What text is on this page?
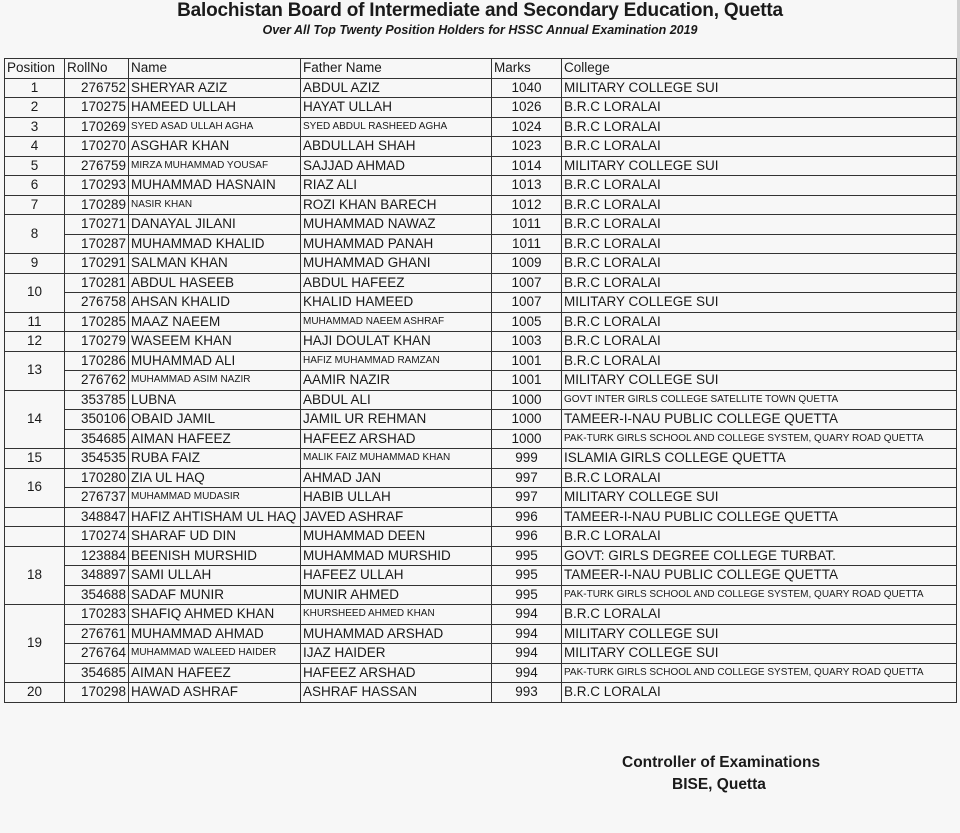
Balochistan Board of Intermediate and Secondary Education, Quetta
Over All Top Twenty Position Holders for HSSC Annual Examination 2019
Position	RollNo	Name	Father Name	Marks	College
1	276752	SHERYAR AZIZ	ABDUL AZIZ	1040	MILITARY COLLEGE SUI
2	170275	HAMEED ULLAH	HAYAT ULLAH	1026	B.R.C LORALAI
3	170269	SYED ASAD ULLAH AGHA	SYED ABDUL RASHEED AGHA	1024	B.R.C LORALAI
4	170270	ASGHAR KHAN	ABDULLAH SHAH	1023	B.R.C LORALAI
5	276759	MIRZA MUHAMMAD YOUSAF	SAJJAD AHMAD	1014	MILITARY COLLEGE SUI
6	170293	MUHAMMAD HASNAIN	RIAZ ALI	1013	B.R.C LORALAI
7	170289	NASIR KHAN	ROZI KHAN BARECH	1012	B.R.C LORALAI
8	170271	DANAYAL JILANI	MUHAMMAD NAWAZ	1011	B.R.C LORALAI
	170287	MUHAMMAD KHALID	MUHAMMAD PANAH	1011	B.R.C LORALAI
9	170291	SALMAN KHAN	MUHAMMAD GHANI	1009	B.R.C LORALAI
10	170281	ABDUL HASEEB	ABDUL HAFEEZ	1007	B.R.C LORALAI
	276758	AHSAN KHALID	KHALID HAMEED	1007	MILITARY COLLEGE SUI
11	170285	MAAZ NAEEM	MUHAMMAD NAEEM ASHRAF	1005	B.R.C LORALAI
12	170279	WASEEM KHAN	HAJI DOULAT KHAN	1003	B.R.C LORALAI
13	170286	MUHAMMAD ALI	HAFIZ MUHAMMAD RAMZAN	1001	B.R.C LORALAI
	276762	MUHAMMAD ASIM NAZIR	AAMIR NAZIR	1001	MILITARY COLLEGE SUI
14	353785	LUBNA	ABDUL ALI	1000	GOVT INTER GIRLS COLLEGE SATELLITE TOWN QUETTA
	350106	OBAID JAMIL	JAMIL UR REHMAN	1000	TAMEER-I-NAU PUBLIC COLLEGE QUETTA
	354685	AIMAN HAFEEZ	HAFEEZ ARSHAD	1000	PAK-TURK GIRLS SCHOOL AND COLLEGE SYSTEM, QUARY ROAD QUETTA
15	354535	RUBA FAIZ	MALIK FAIZ MUHAMMAD KHAN	999	ISLAMIA GIRLS COLLEGE QUETTA
16	170280	ZIA UL HAQ	AHMAD JAN	997	B.R.C LORALAI
	276737	MUHAMMAD MUDASIR	HABIB ULLAH	997	MILITARY COLLEGE SUI
	348847	HAFIZ AHTISHAM UL HAQ	JAVED ASHRAF	996	TAMEER-I-NAU PUBLIC COLLEGE QUETTA
	170274	SHARAF UD DIN	MUHAMMAD DEEN	996	B.R.C LORALAI
18	123884	BEENISH MURSHID	MUHAMMAD MURSHID	995	GOVT: GIRLS DEGREE COLLEGE TURBAT.
	348897	SAMI ULLAH	HAFEEZ ULLAH	995	TAMEER-I-NAU PUBLIC COLLEGE QUETTA
	354688	SADAF MUNIR	MUNIR AHMED	995	PAK-TURK GIRLS SCHOOL AND COLLEGE SYSTEM, QUARY ROAD QUETTA
19	170283	SHAFIQ AHMED KHAN	KHURSHEED AHMED KHAN	994	B.R.C LORALAI
	276761	MUHAMMAD AHMAD	MUHAMMAD ARSHAD	994	MILITARY COLLEGE SUI
	276764	MUHAMMAD WALEED HAIDER	IJAZ HAIDER	994	MILITARY COLLEGE SUI
	354685	AIMAN HAFEEZ	HAFEEZ ARSHAD	994	PAK-TURK GIRLS SCHOOL AND COLLEGE SYSTEM, QUARY ROAD QUETTA
20	170298	HAWAD ASHRAF	ASHRAF HASSAN	993	B.R.C LORALAI
Controller of Examinations
BISE, Quetta
